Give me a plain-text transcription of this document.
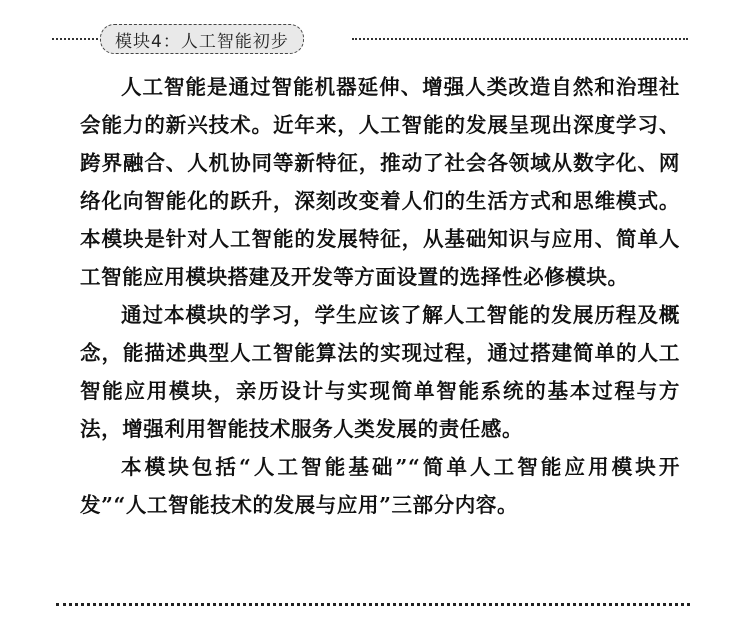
模块4：人工智能初步

人工智能是通过智能机器延伸、增强人类改造自然和治理社会能力的新兴技术。近年来，人工智能的发展呈现出深度学习、跨界融合、人机协同等新特征，推动了社会各领域从数字化、网络化向智能化的跃升，深刻改变着人们的生活方式和思维模式。本模块是针对人工智能的发展特征，从基础知识与应用、简单人工智能应用模块搭建及开发等方面设置的选择性必修模块。

通过本模块的学习，学生应该了解人工智能的发展历程及概念，能描述典型人工智能算法的实现过程，通过搭建简单的人工智能应用模块，亲历设计与实现简单智能系统的基本过程与方法，增强利用智能技术服务人类发展的责任感。

本模块包括“人工智能基础”“简单人工智能应用模块开发”“人工智能技术的发展与应用”三部分内容。
